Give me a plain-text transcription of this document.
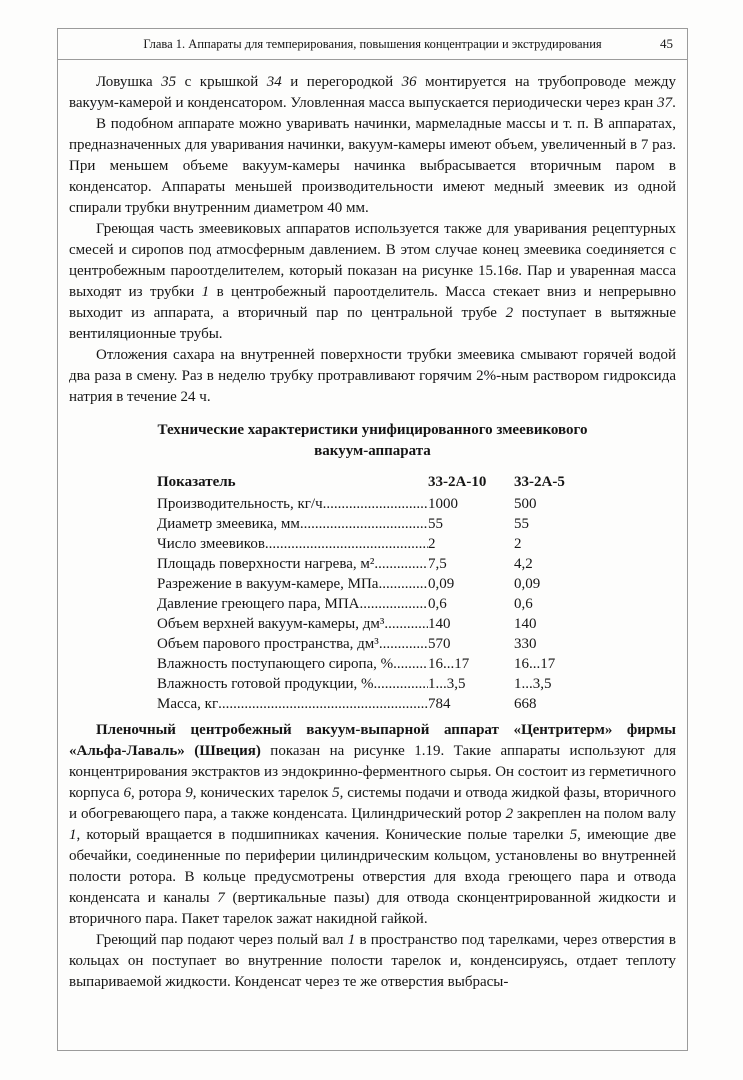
Глава 1. Аппараты для темперирования, повышения концентрации и экструдирования	45

Ловушка 35 с крышкой 34 и перегородкой 36 монтируется на трубопроводе между вакуум-камерой и конденсатором. Уловленная масса выпускается периодически через кран 37.

В подобном аппарате можно уваривать начинки, мармеладные массы и т. п. В аппаратах, предназначенных для уваривания начинки, вакуум-камеры имеют объем, увеличенный в 7 раз. При меньшем объеме вакуум-камеры начинка выбрасывается вторичным паром в конденсатор. Аппараты меньшей производительности имеют медный змеевик из одной спирали трубки внутренним диаметром 40 мм.

Греющая часть змеевиковых аппаратов используется также для уваривания рецептурных смесей и сиропов под атмосферным давлением. В этом случае конец змеевика соединяется с центробежным пароотделителем, который показан на рисунке 15.16в. Пар и уваренная масса выходят из трубки 1 в центробежный пароотделитель. Масса стекает вниз и непрерывно выходит из аппарата, а вторичный пар по центральной трубе 2 поступает в вытяжные вентиляционные трубы.

Отложения сахара на внутренней поверхности трубки змеевика смывают горячей водой два раза в смену. Раз в неделю трубку протравливают горячим 2%-ным раствором гидроксида натрия в течение 24 ч.

Технические характеристики унифицированного змеевикового вакуум-аппарата
Показатель	33-2А-10	33-2А-5
Производительность, кг/ч .....	1000	500
Диаметр змеевика, мм .....	55	55
Число змеевиков .....	2	2
Площадь поверхности нагрева, м² .....	7,5	4,2
Разрежение в вакуум-камере, МПа .....	0,09	0,09
Давление греющего пара, МПА .....	0,6	0,6
Объем верхней вакуум-камеры, дм³ .....	140	140
Объем парового пространства, дм³ .....	570	330
Влажность поступающего сиропа, % ..... 16...17	16...17
Влажность готовой продукции, % .....	1...3,5	1...3,5
Масса, кг .....	784	668

Пленочный центробежный вакуум-выпарной аппарат «Центритерм» фирмы «Альфа-Лаваль» (Швеция) показан на рисунке 1.19. Такие аппараты используют для концентрирования экстрактов из эндокринно-ферментного сырья. Он состоит из герметичного корпуса 6, ротора 9, конических тарелок 5, системы подачи и отвода жидкой фазы, вторичного и обогревающего пара, а также конденсата. Цилиндрический ротор 2 закреплен на полом валу 1, который вращается в подшипниках качения. Конические полые тарелки 5, имеющие две обечайки, соединенные по периферии цилиндрическим кольцом, установлены во внутренней полости ротора. В кольце предусмотрены отверстия для входа греющего пара и отвода конденсата и каналы 7 (вертикальные пазы) для отвода сконцентрированной жидкости и вторичного пара. Пакет тарелок зажат накидной гайкой.

Греющий пар подают через полый вал 1 в пространство под тарелками, через отверстия в кольцах он поступает во внутренние полости тарелок и, конденсируясь, отдает теплоту выпариваемой жидкости. Конденсат через те же отверстия выбрасы-
